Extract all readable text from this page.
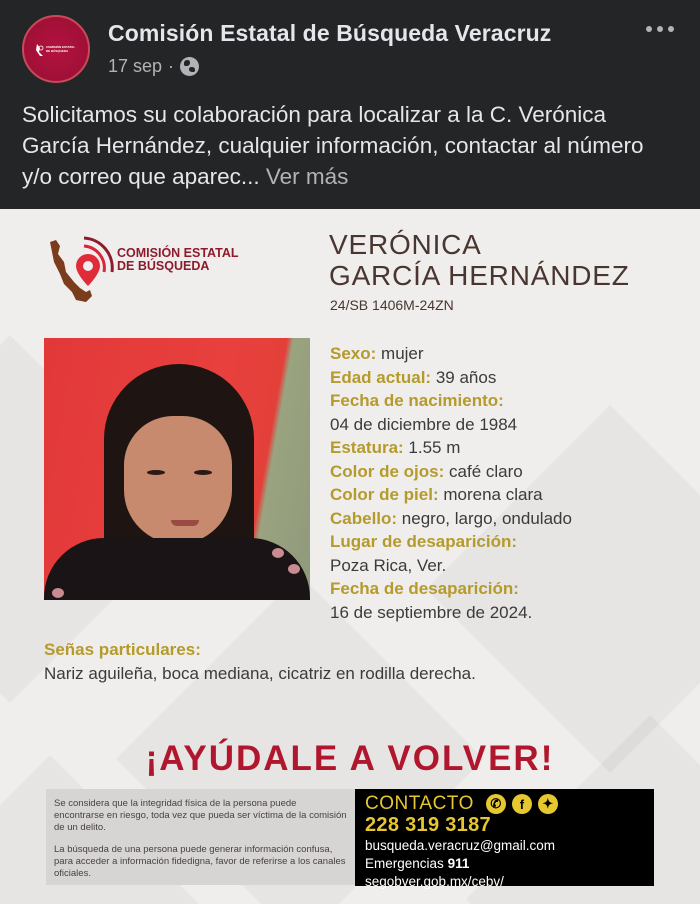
COMISIÓN ESTATAL DE BÚSQUEDA
Comisión Estatal de Búsqueda Veracruz
17 sep ·
Solicitamos su colaboración para localizar a la C. Verónica García Hernández, cualquier información, contactar al número y/o correo que aparec... Ver más
COMISIÓN ESTATAL
DE BÚSQUEDA
VERÓNICA
GARCÍA HERNÁNDEZ
24/SB 1406M-24ZN
Sexo: mujer
Edad actual: 39 años
Fecha de nacimiento:
04 de diciembre de 1984
Estatura: 1.55 m
Color de ojos: café claro
Color de piel: morena clara
Cabello: negro, largo, ondulado
Lugar de desaparición:
Poza Rica, Ver.
Fecha de desaparición:
16 de septiembre de 2024.
Señas particulares:
Nariz aguileña, boca mediana, cicatriz en rodilla derecha.
¡AYÚDALE A VOLVER!

Se considera que la integridad física de la persona puede encontrarse en riesgo, toda vez que pueda ser víctima de la comisión de un delito.

La búsqueda de una persona puede generar información confusa, para acceder a información fidedigna, favor de referirse a los canales oficiales.

CONTACTO	✆	f	✦
228 319 3187
busqueda.veracruz@gmail.com
Emergencias 911
segobver.gob.mx/cebv/
